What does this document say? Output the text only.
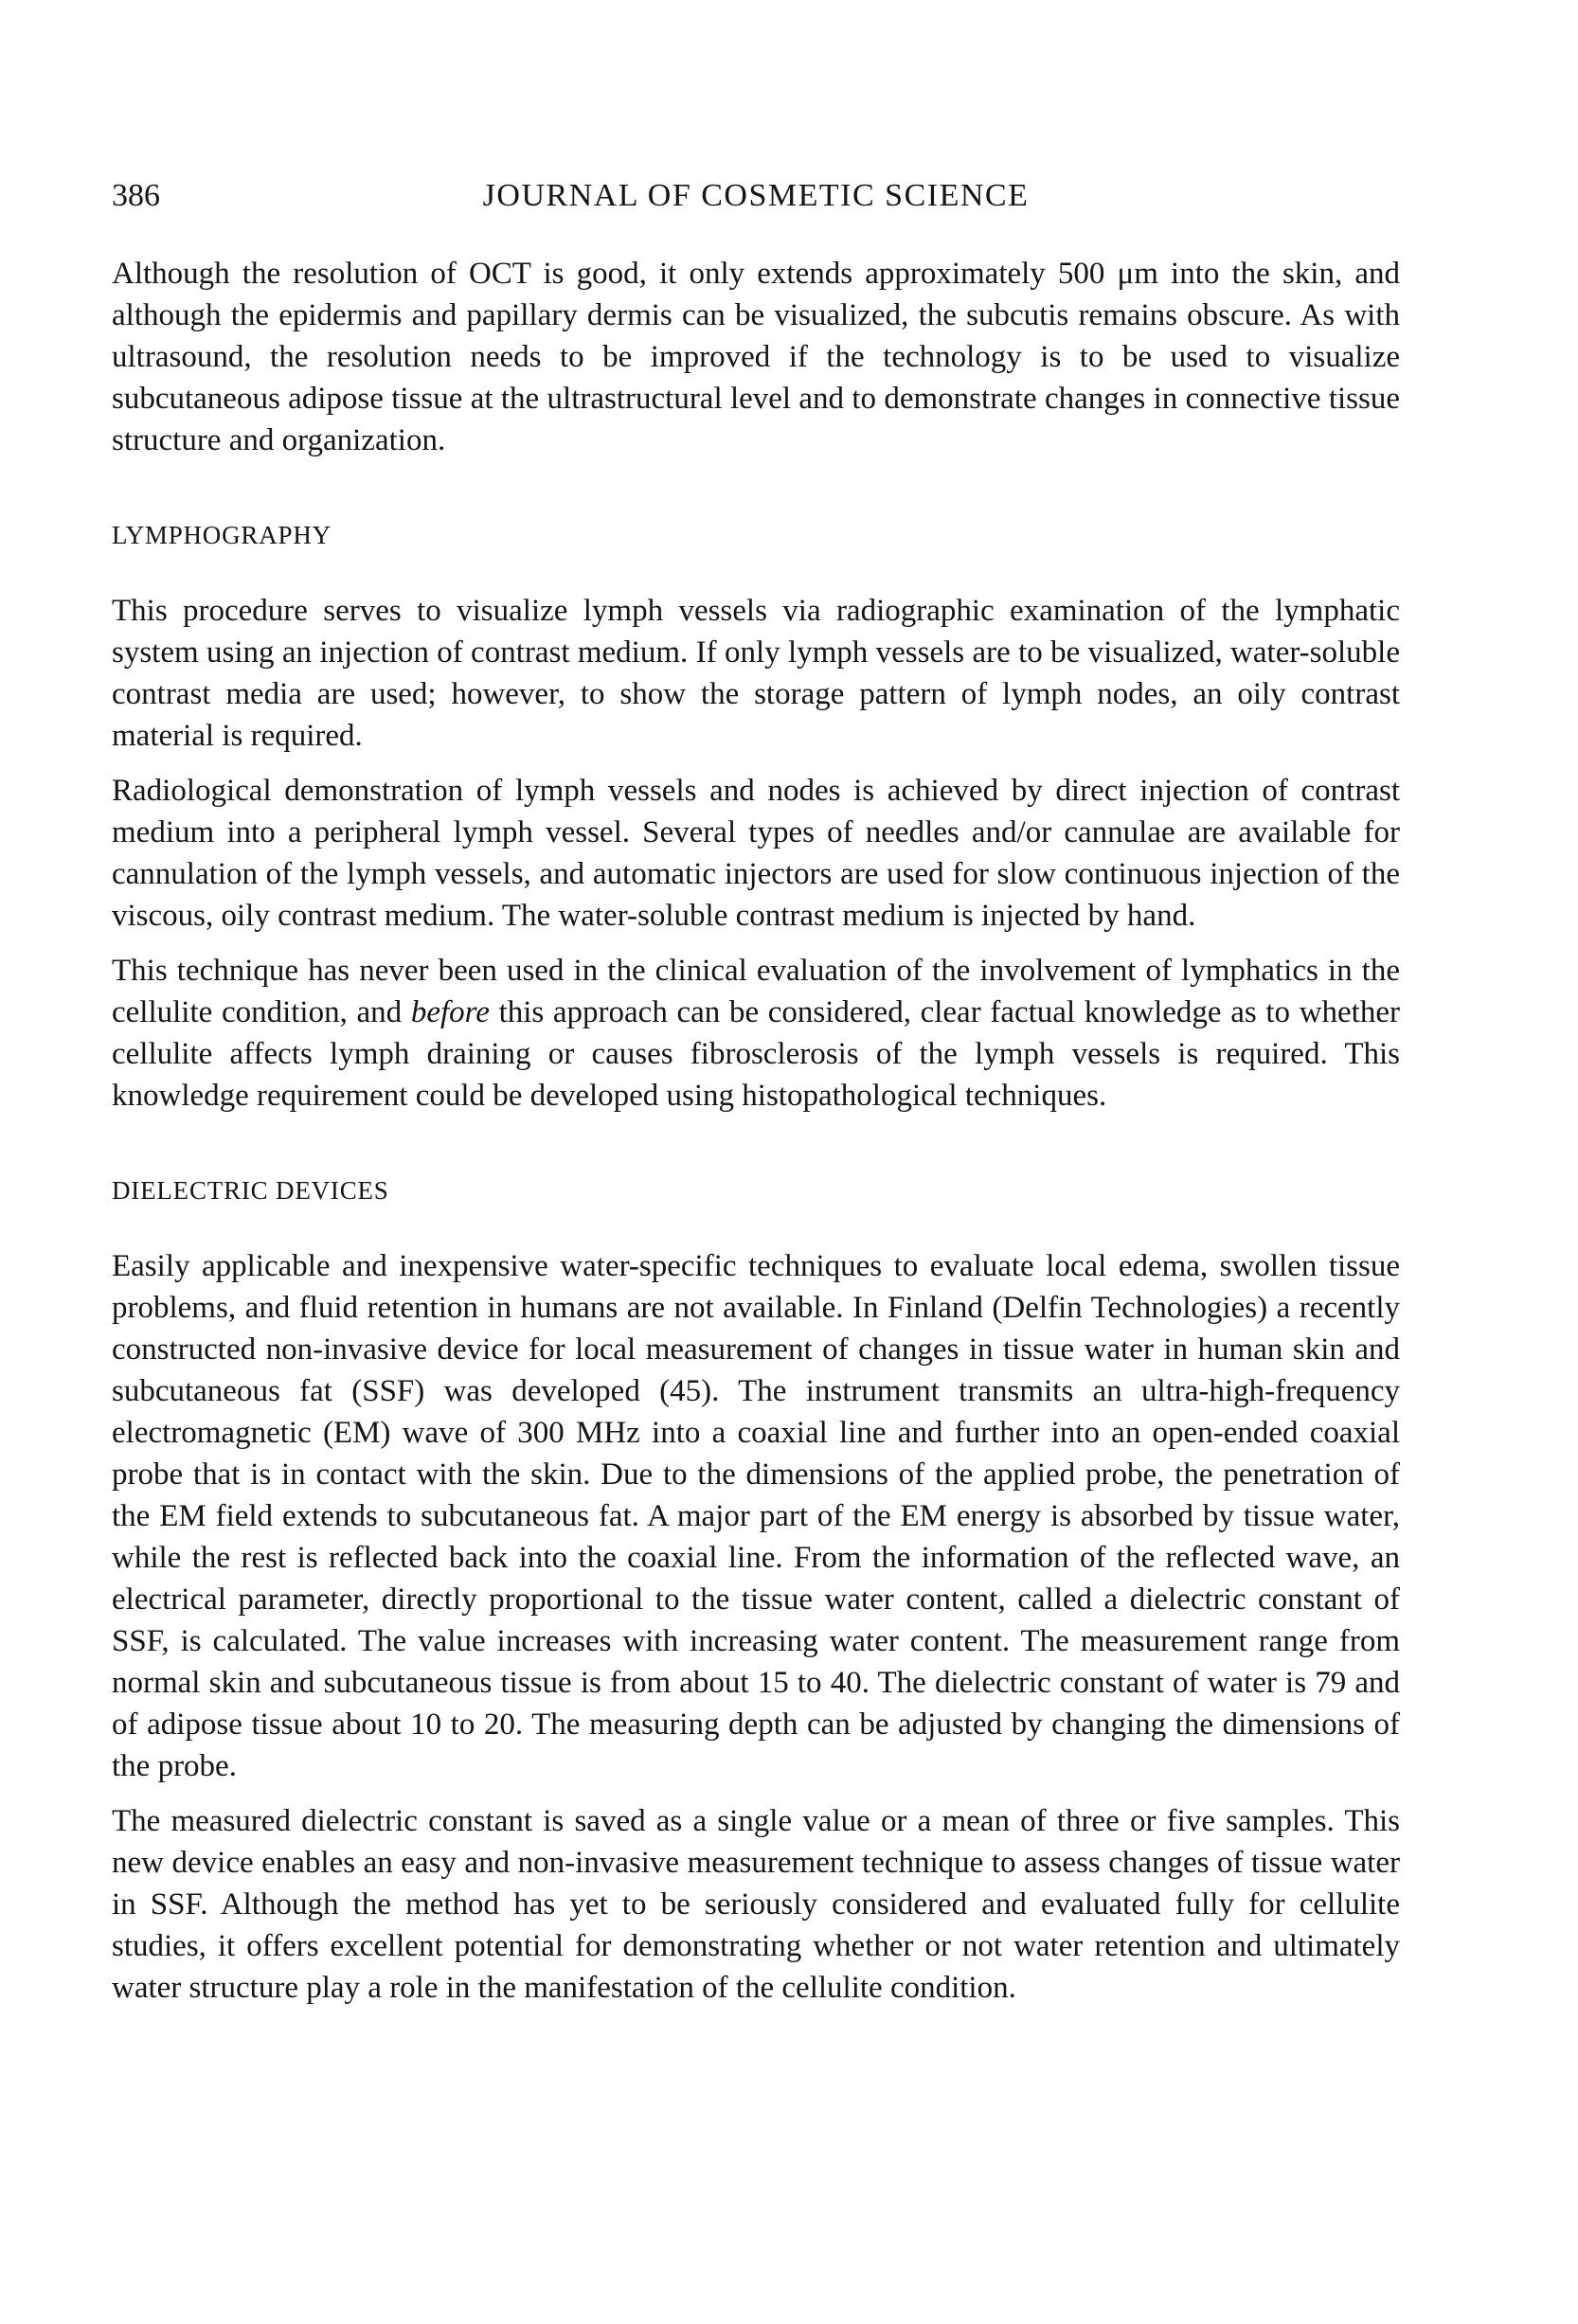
386	JOURNAL OF COSMETIC SCIENCE

Although the resolution of OCT is good, it only extends approximately 500 μm into the skin, and although the epidermis and papillary dermis can be visualized, the subcutis remains obscure. As with ultrasound, the resolution needs to be improved if the technology is to be used to visualize subcutaneous adipose tissue at the ultrastructural level and to demonstrate changes in connective tissue structure and organization.

LYMPHOGRAPHY

This procedure serves to visualize lymph vessels via radiographic examination of the lymphatic system using an injection of contrast medium. If only lymph vessels are to be visualized, water-soluble contrast media are used; however, to show the storage pattern of lymph nodes, an oily contrast material is required.

Radiological demonstration of lymph vessels and nodes is achieved by direct injection of contrast medium into a peripheral lymph vessel. Several types of needles and/or cannulae are available for cannulation of the lymph vessels, and automatic injectors are used for slow continuous injection of the viscous, oily contrast medium. The water-soluble contrast medium is injected by hand.

This technique has never been used in the clinical evaluation of the involvement of lymphatics in the cellulite condition, and before this approach can be considered, clear factual knowledge as to whether cellulite affects lymph draining or causes fibrosclerosis of the lymph vessels is required. This knowledge requirement could be developed using histopathological techniques.

DIELECTRIC DEVICES

Easily applicable and inexpensive water-specific techniques to evaluate local edema, swollen tissue problems, and fluid retention in humans are not available. In Finland (Delfin Technologies) a recently constructed non-invasive device for local measurement of changes in tissue water in human skin and subcutaneous fat (SSF) was developed (45). The instrument transmits an ultra-high-frequency electromagnetic (EM) wave of 300 MHz into a coaxial line and further into an open-ended coaxial probe that is in contact with the skin. Due to the dimensions of the applied probe, the penetration of the EM field extends to subcutaneous fat. A major part of the EM energy is absorbed by tissue water, while the rest is reflected back into the coaxial line. From the information of the reflected wave, an electrical parameter, directly proportional to the tissue water content, called a dielectric constant of SSF, is calculated. The value increases with increasing water content. The measurement range from normal skin and subcutaneous tissue is from about 15 to 40. The dielectric constant of water is 79 and of adipose tissue about 10 to 20. The measuring depth can be adjusted by changing the dimensions of the probe.

The measured dielectric constant is saved as a single value or a mean of three or five samples. This new device enables an easy and non-invasive measurement technique to assess changes of tissue water in SSF. Although the method has yet to be seriously considered and evaluated fully for cellulite studies, it offers excellent potential for demonstrating whether or not water retention and ultimately water structure play a role in the manifestation of the cellulite condition.
